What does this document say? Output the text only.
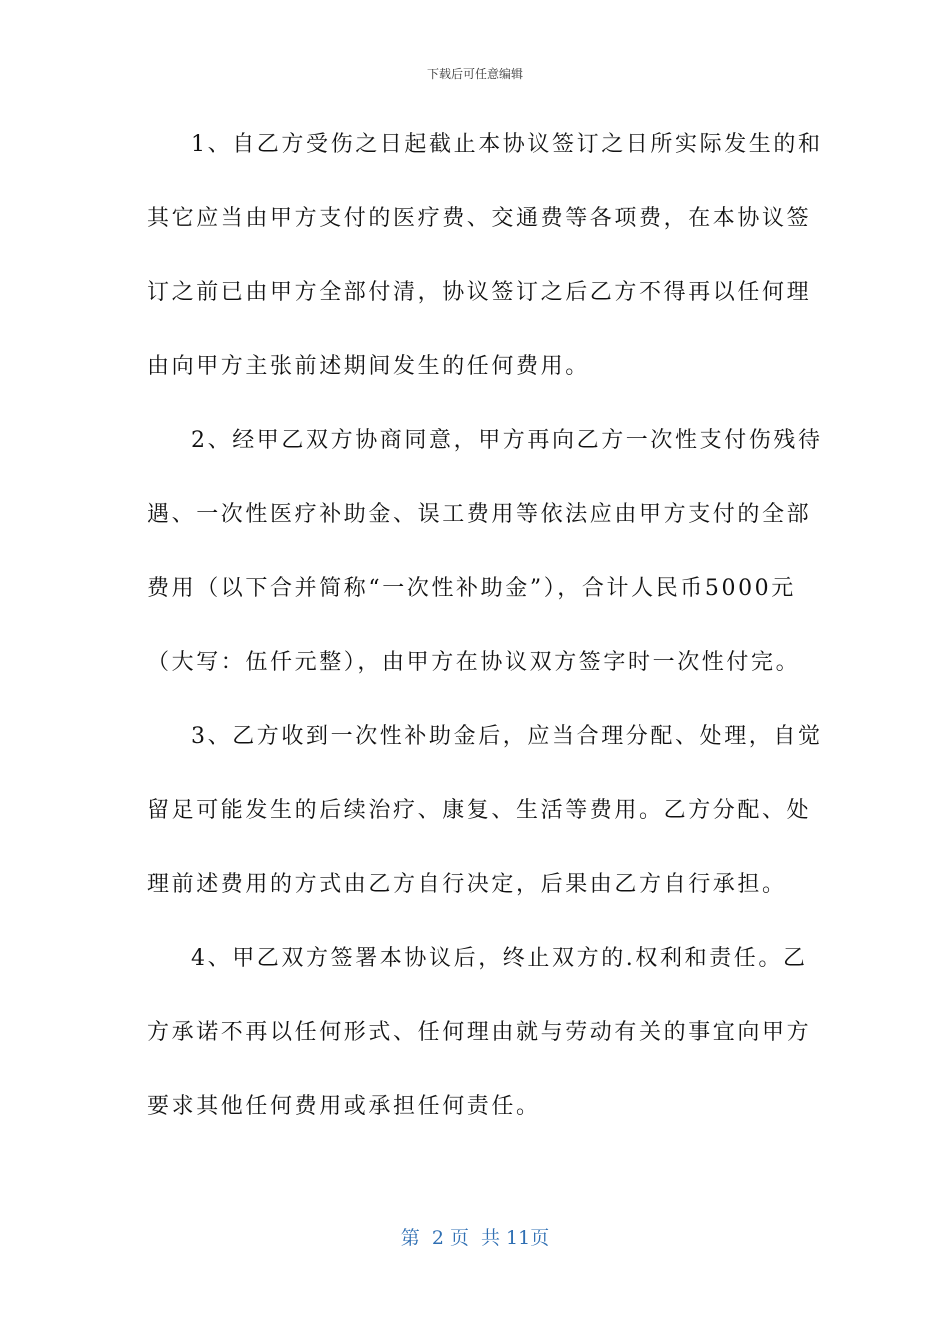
下载后可任意编辑
1、自乙方受伤之日起截止本协议签订之日所实际发生的和
其它应当由甲方支付的医疗费、交通费等各项费，在本协议签
订之前已由甲方全部付清，协议签订之后乙方不得再以任何理
由向甲方主张前述期间发生的任何费用。
2、经甲乙双方协商同意，甲方再向乙方一次性支付伤残待
遇、一次性医疗补助金、误工费用等依法应由甲方支付的全部
费用（以下合并简称“一次性补助金”），合计人民币5000元
（大写：伍仟元整），由甲方在协议双方签字时一次性付完。
3、乙方收到一次性补助金后，应当合理分配、处理，自觉
留足可能发生的后续治疗、康复、生活等费用。乙方分配、处
理前述费用的方式由乙方自行决定，后果由乙方自行承担。
4、甲乙双方签署本协议后，终止双方的.权利和责任。乙
方承诺不再以任何形式、任何理由就与劳动有关的事宜向甲方
要求其他任何费用或承担任何责任。
第  2 页  共 11页
